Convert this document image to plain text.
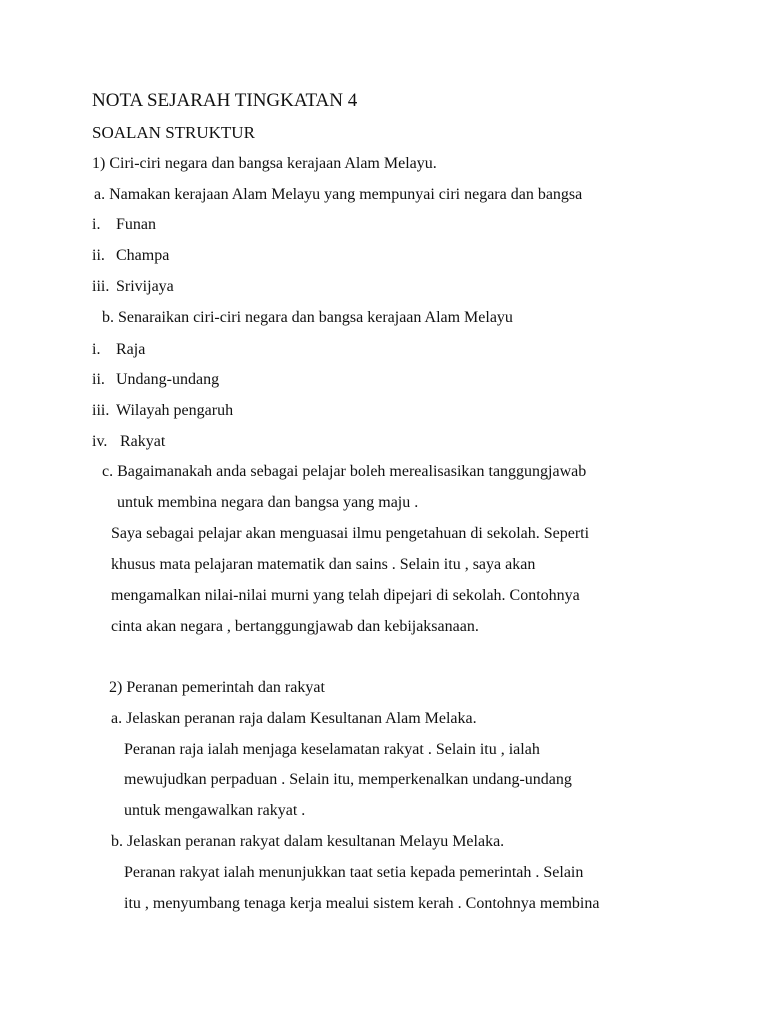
NOTA SEJARAH TINGKATAN 4
SOALAN STRUKTUR
1) Ciri-ciri negara dan bangsa kerajaan Alam Melayu.
a. Namakan kerajaan Alam Melayu yang mempunyai ciri negara dan bangsa
i. Funan
ii. Champa
iii. Srivijaya
b. Senaraikan ciri-ciri negara dan bangsa kerajaan Alam Melayu
i. Raja
ii. Undang-undang
iii. Wilayah pengaruh
iv. Rakyat
c. Bagaimanakah anda sebagai pelajar boleh merealisasikan tanggungjawab
untuk membina negara dan bangsa yang maju .
Saya sebagai pelajar akan menguasai ilmu pengetahuan di sekolah. Seperti
khusus mata pelajaran matematik dan sains . Selain itu , saya akan
mengamalkan nilai-nilai murni yang telah dipejari di sekolah. Contohnya
cinta akan negara , bertanggungjawab dan kebijaksanaan.
2) Peranan pemerintah dan rakyat
a. Jelaskan peranan raja dalam Kesultanan Alam Melaka.
Peranan raja ialah menjaga keselamatan rakyat . Selain itu , ialah
mewujudkan perpaduan . Selain itu, memperkenalkan undang-undang
untuk mengawalkan rakyat .
b. Jelaskan peranan rakyat dalam kesultanan Melayu Melaka.
Peranan rakyat ialah menunjukkan taat setia kepada pemerintah . Selain
itu , menyumbang tenaga kerja mealui sistem kerah . Contohnya membina
